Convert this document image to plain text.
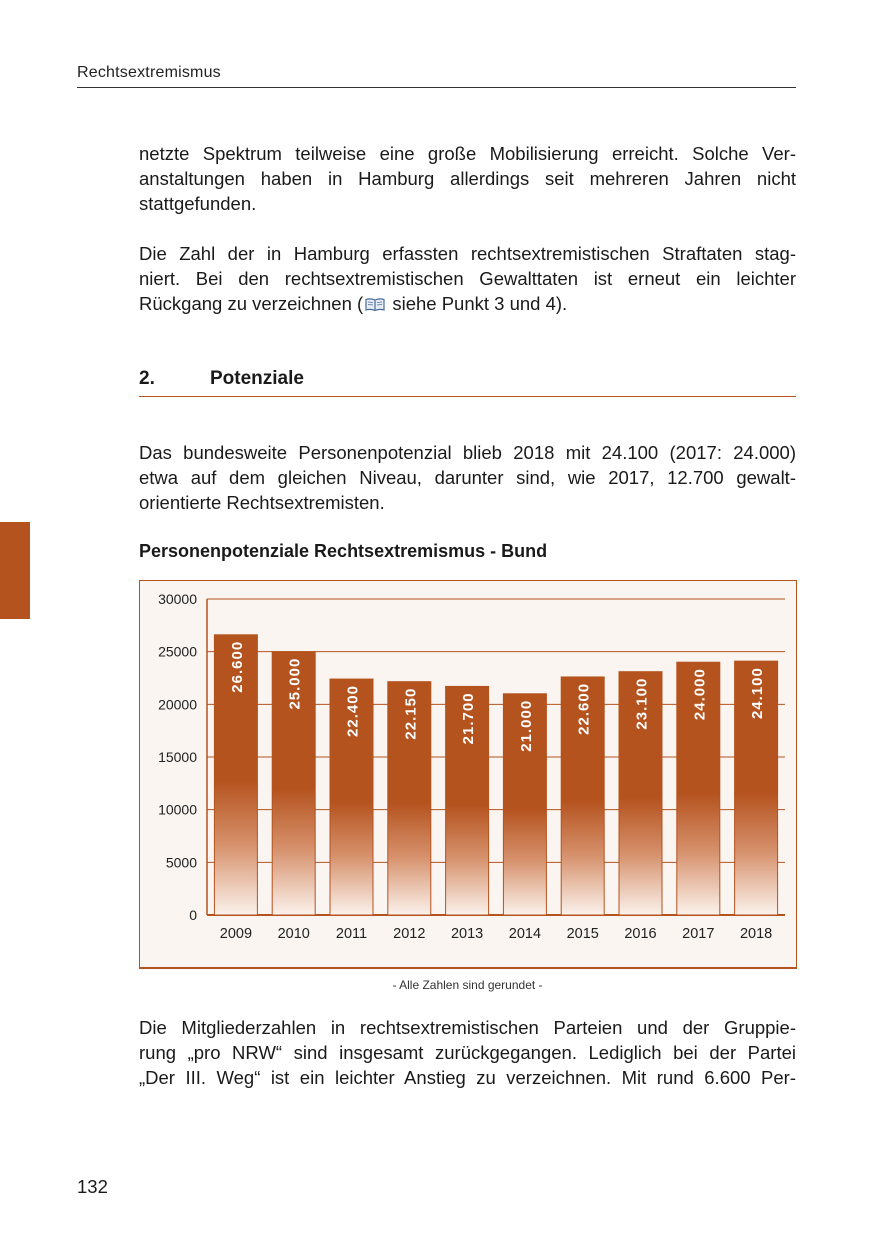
Rechtsextremismus

netzte Spektrum teilweise eine große Mobilisierung erreicht. Solche Ver-
anstaltungen haben in Hamburg allerdings seit mehreren Jahren nicht
stattgefunden.

Die Zahl der in Hamburg erfassten rechtsextremistischen Straftaten stag-
niert. Bei den rechtsextremistischen Gewalttaten ist erneut ein leichter
Rückgang zu verzeichnen ( siehe Punkt 3 und 4).

2.	Potenziale

Das bundesweite Personenpotenzial blieb 2018 mit 24.100 (2017: 24.000)
etwa auf dem gleichen Niveau, darunter sind, wie 2017, 12.700 gewalt-
orientierte Rechtsextremisten.

Personenpotenziale Rechtsextremismus - Bund
0
5000
10000
15000
20000
25000
30000
26.600
2009
25.000
2010
22.400
2011
22.150
2012
21.700
2013
21.000
2014
22.600
2015
23.100
2016
24.000
2017
24.100
2018
- Alle Zahlen sind gerundet -

Die Mitgliederzahlen in rechtsextremistischen Parteien und der Gruppie-
rung „pro NRW“ sind insgesamt zurückgegangen. Lediglich bei der Partei
„Der III. Weg“ ist ein leichter Anstieg zu verzeichnen. Mit rund 6.600 Per-

132
